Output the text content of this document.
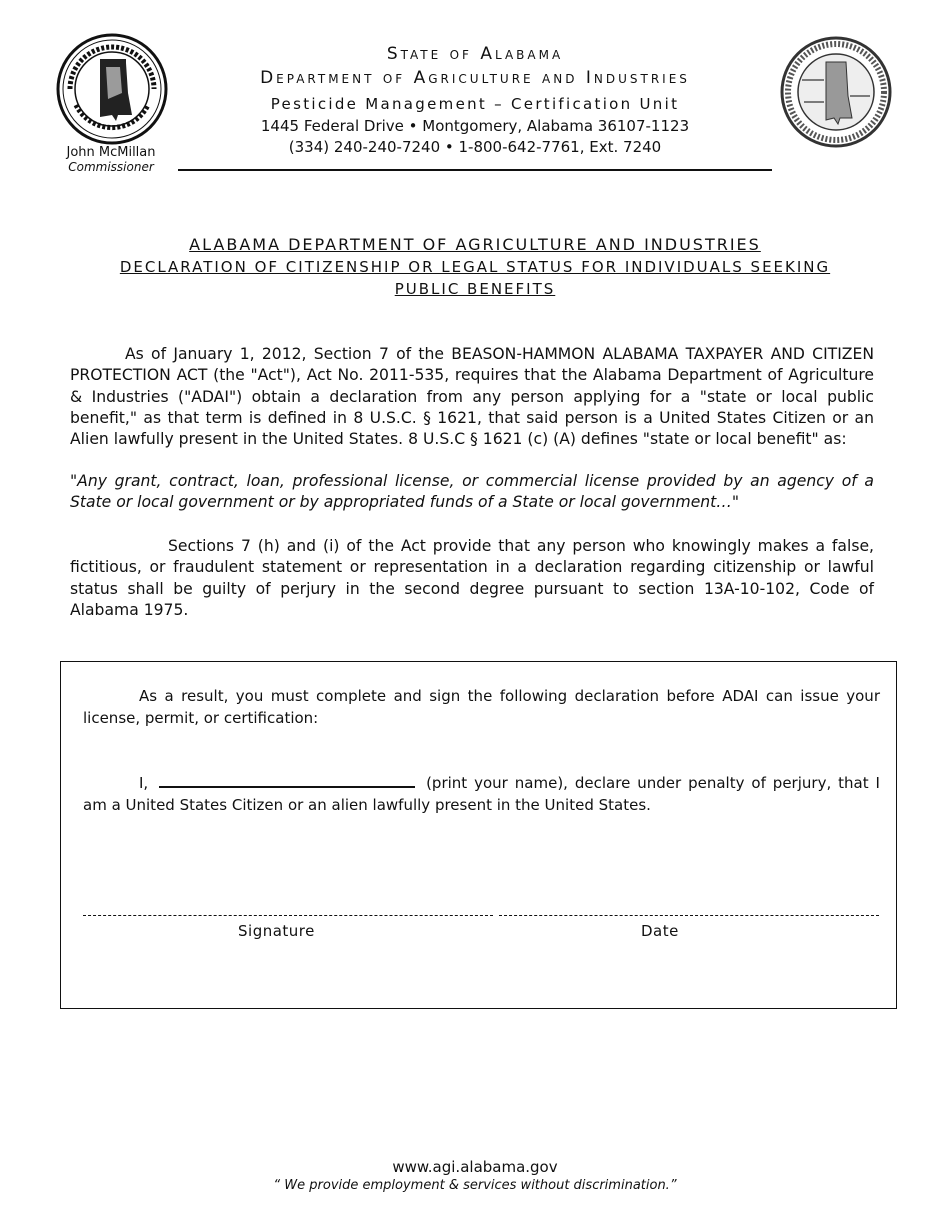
John McMillan
Commissioner
State of Alabama
Department of Agriculture and Industries
Pesticide Management – Certification Unit
1445 Federal Drive • Montgomery, Alabama 36107-1123
(334) 240-240-7240 • 1-800-642-7761, Ext. 7240
ALABAMA DEPARTMENT OF AGRICULTURE AND INDUSTRIES
DECLARATION OF CITIZENSHIP OR LEGAL STATUS FOR INDIVIDUALS SEEKING
PUBLIC BENEFITS
As of January 1, 2012, Section 7 of the BEASON-HAMMON ALABAMA TAXPAYER AND CITIZEN PROTECTION ACT (the "Act"), Act No. 2011-535, requires that the Alabama Department of Agriculture & Industries ("ADAI") obtain a declaration from any person applying for a "state or local public benefit," as that term is defined in 8 U.S.C. § 1621, that said person is a United States Citizen or an Alien lawfully present in the United States. 8 U.S.C § 1621 (c) (A) defines "state or local benefit" as:
"Any grant, contract, loan, professional license, or commercial license provided by an agency of a State or local government or by appropriated funds of a State or local government…"
Sections 7 (h) and (i) of the Act provide that any person who knowingly makes a false, fictitious, or fraudulent statement or representation in a declaration regarding citizenship or lawful status shall be guilty of perjury in the second degree pursuant to section 13A-10-102, Code of Alabama 1975.
As a result, you must complete and sign the following declaration before ADAI can issue your license, permit, or certification:
I,	(print your name), declare under penalty of perjury, that I am a United States Citizen or an alien lawfully present in the United States.
Signature	Date
www.agi.alabama.gov
“ We provide employment & services without discrimination.”
